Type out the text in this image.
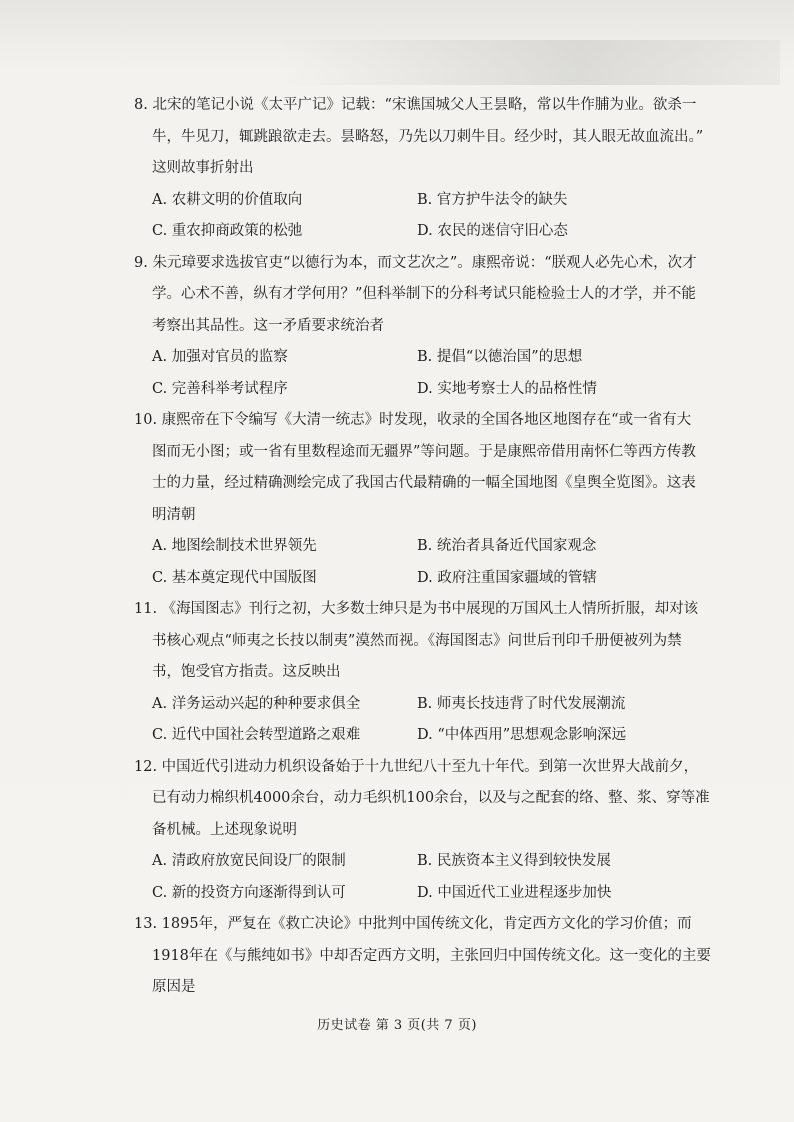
8. 北宋的笔记小说《太平广记》记载：“宋谯国城父人王昙略，常以牛作脯为业。欲杀一

牛，牛见刀，辄跳踉欲走去。昙略怒，乃先以刀刺牛目。经少时，其人眼无故血流出。”

这则故事折射出

A. 农耕文明的价值取向	B. 官方护牛法令的缺失
C. 重农抑商政策的松弛	D. 农民的迷信守旧心态

9. 朱元璋要求选拔官吏“以德行为本，而文艺次之”。康熙帝说：“朕观人必先心术，次才

学。心术不善，纵有才学何用？”但科举制下的分科考试只能检验士人的才学，并不能

考察出其品性。这一矛盾要求统治者

A. 加强对官员的监察	B. 提倡“以德治国”的思想
C. 完善科举考试程序	D. 实地考察士人的品格性情

10. 康熙帝在下令编写《大清一统志》时发现，收录的全国各地区地图存在“或一省有大

图而无小图；或一省有里数程途而无疆界”等问题。于是康熙帝借用南怀仁等西方传教

士的力量，经过精确测绘完成了我国古代最精确的一幅全国地图《皇舆全览图》。这表

明清朝

A. 地图绘制技术世界领先	B. 统治者具备近代国家观念
C. 基本奠定现代中国版图	D. 政府注重国家疆域的管辖

11. 《海国图志》刊行之初，大多数士绅只是为书中展现的万国风土人情所折服，却对该

书核心观点“师夷之长技以制夷”漠然而视。《海国图志》问世后刊印千册便被列为禁

书，饱受官方指责。这反映出

A. 洋务运动兴起的种种要求俱全	B. 师夷长技违背了时代发展潮流
C. 近代中国社会转型道路之艰难	D. “中体西用”思想观念影响深远

12. 中国近代引进动力机织设备始于十九世纪八十至九十年代。到第一次世界大战前夕，

已有动力棉织机4000余台，动力毛织机100余台，以及与之配套的络、整、浆、穿等准

备机械。上述现象说明

A. 清政府放宽民间设厂的限制	B. 民族资本主义得到较快发展
C. 新的投资方向逐渐得到认可	D. 中国近代工业进程逐步加快

13. 1895年，严复在《救亡决论》中批判中国传统文化，肯定西方文化的学习价值；而

1918年在《与熊纯如书》中却否定西方文明，主张回归中国传统文化。这一变化的主要

原因是

历史试卷 第 3 页(共 7 页)
